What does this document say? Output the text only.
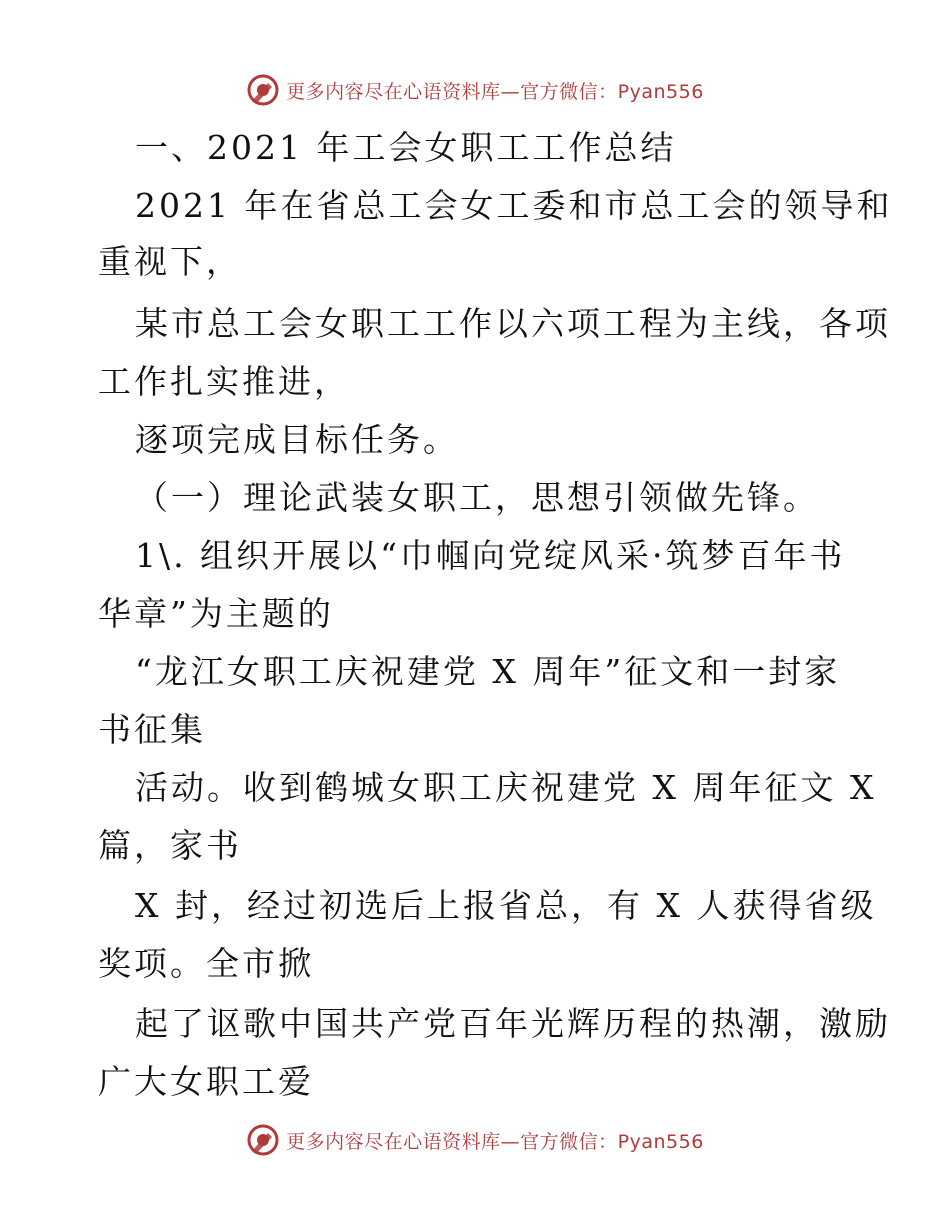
更多内容尽在心语资料库—官方微信：Pyan556
一、2021 年工会女职工工作总结
2021 年在省总工会女工委和市总工会的领导和
重视下，
某市总工会女职工工作以六项工程为主线，各项
工作扎实推进，
逐项完成目标任务。
（一）理论武装女职工，思想引领做先锋。
1\. 组织开展以“巾帼向党绽风采·筑梦百年书
华章”为主题的
“龙江女职工庆祝建党 X 周年”征文和一封家
书征集
活动。收到鹤城女职工庆祝建党 X 周年征文 X
篇，家书
X 封，经过初选后上报省总，有 X 人获得省级
奖项。全市掀
起了讴歌中国共产党百年光辉历程的热潮，激励
广大女职工爱
更多内容尽在心语资料库—官方微信：Pyan556
